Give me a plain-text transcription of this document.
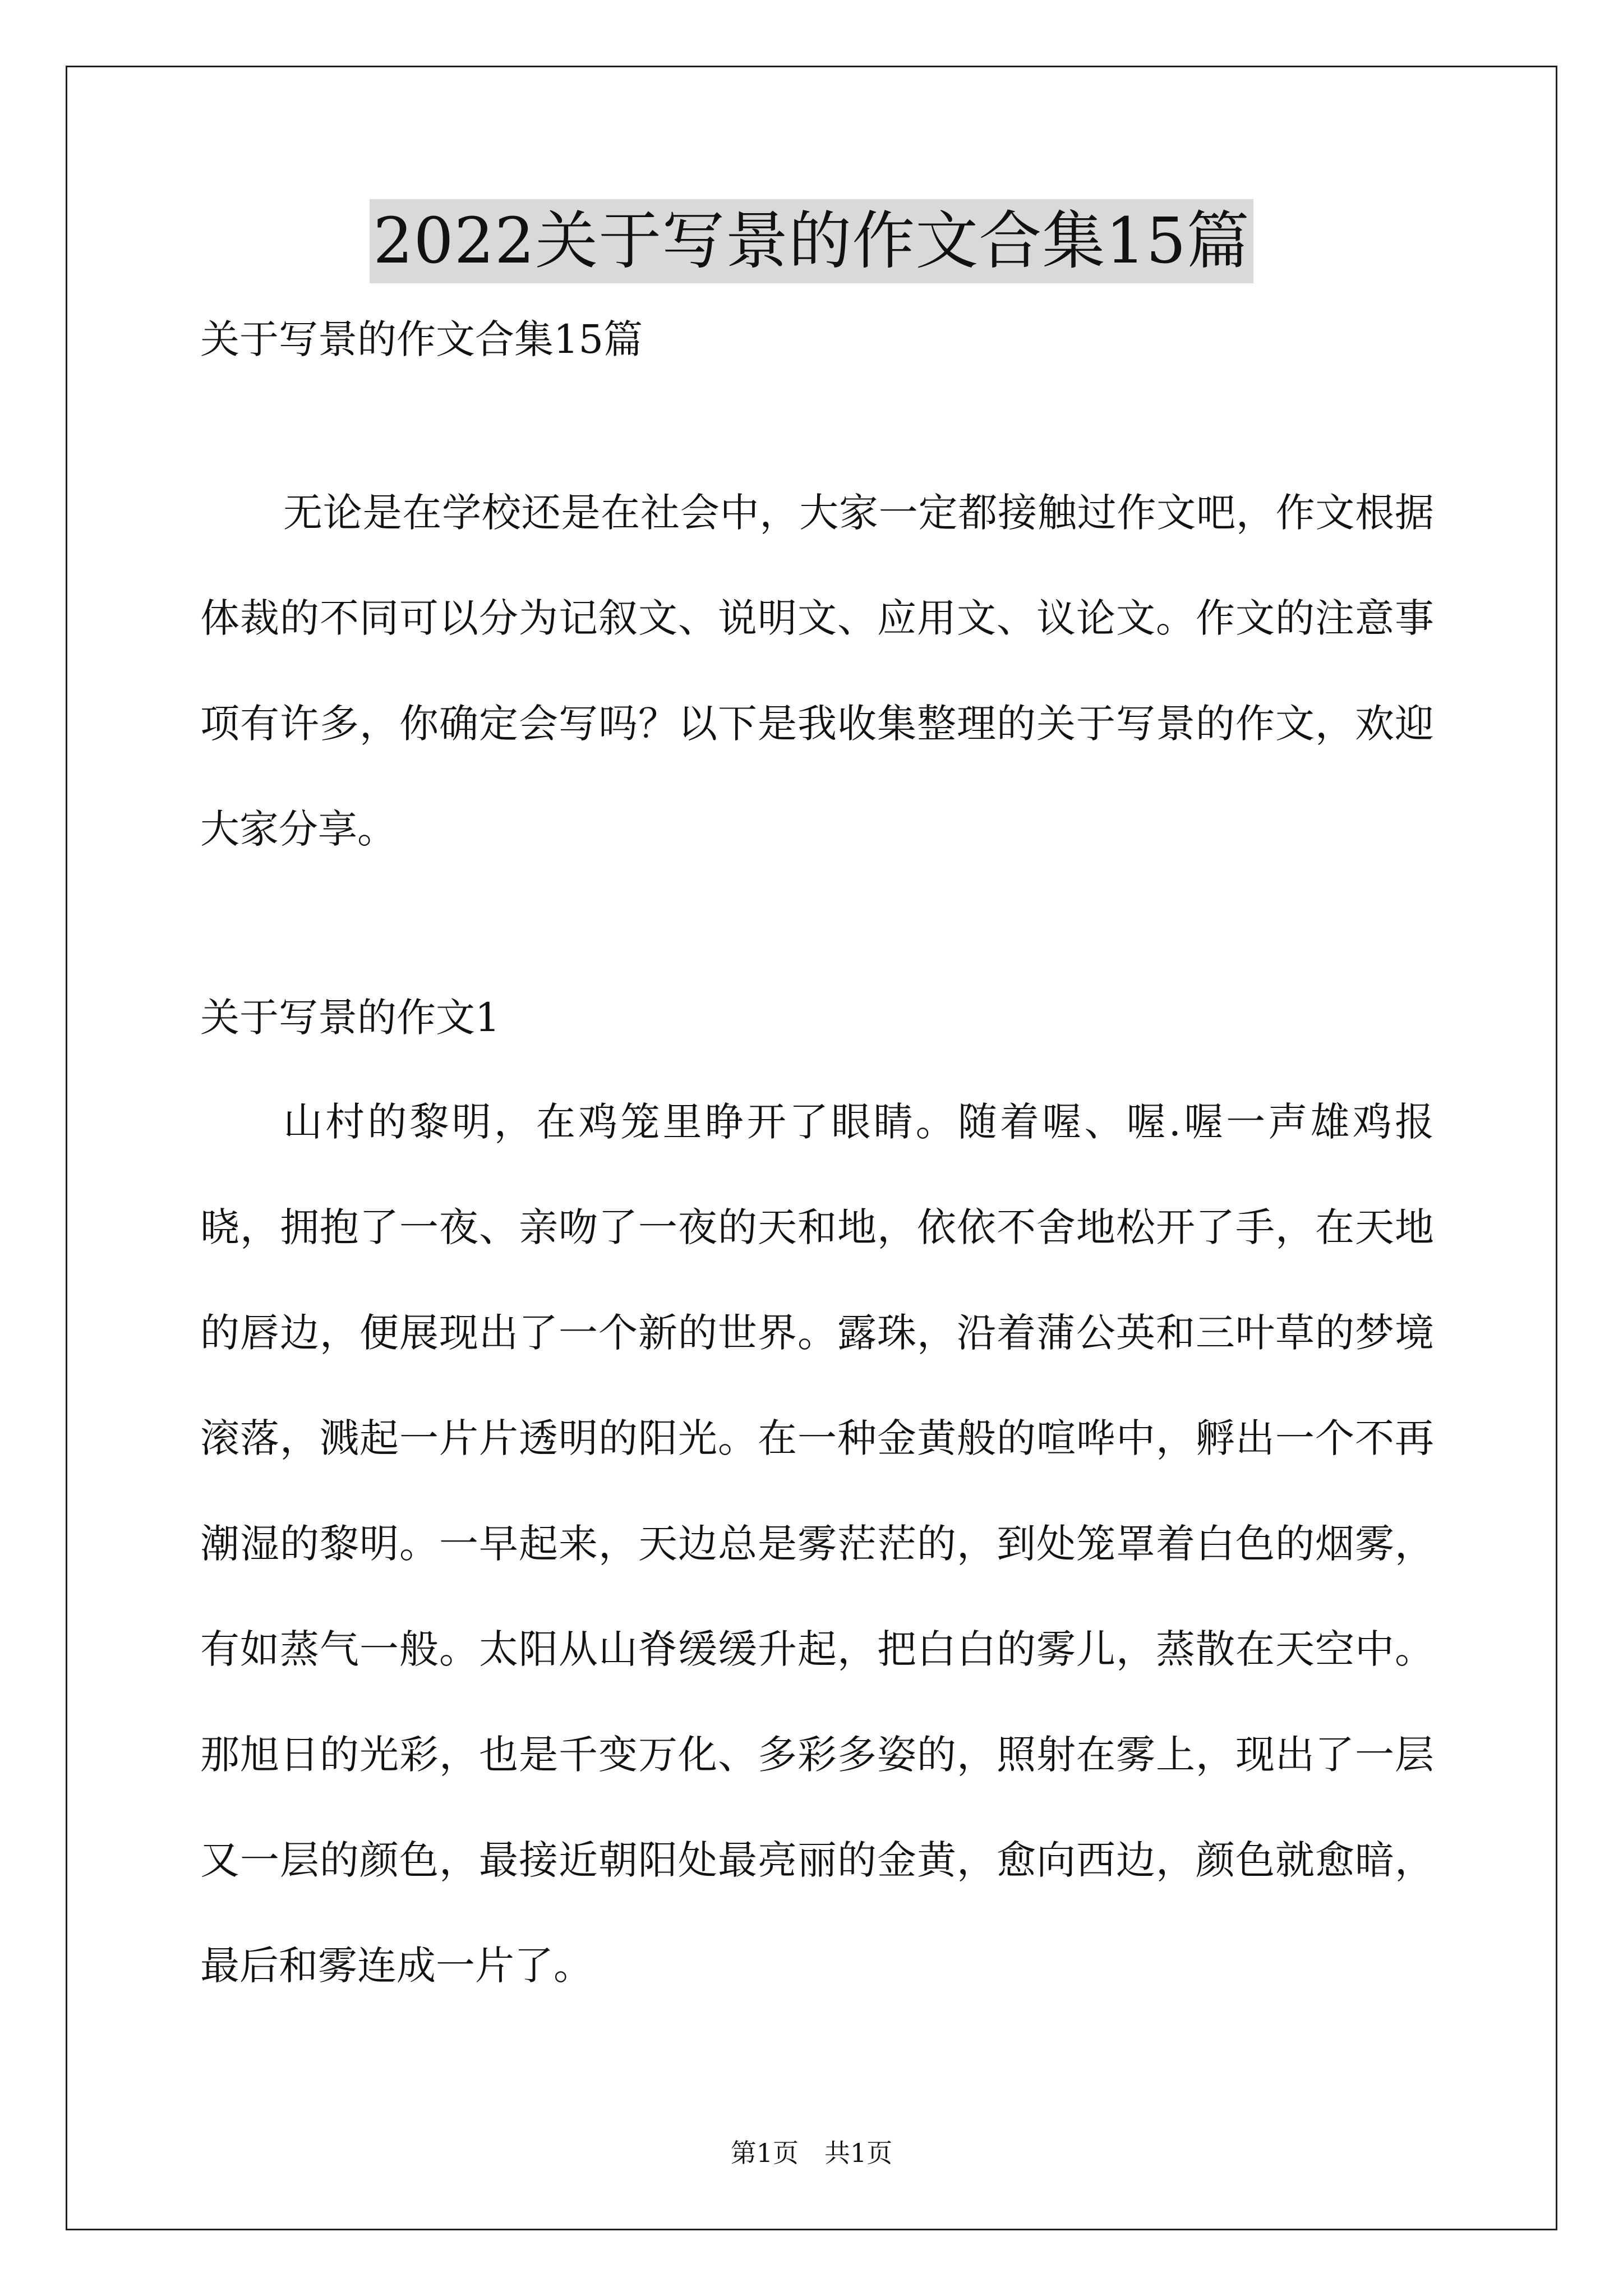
2022关于写景的作文合集15篇
关于写景的作文合集15篇

无论是在学校还是在社会中，大家一定都接触过作文吧，作文根据体裁的不同可以分为记叙文、说明文、应用文、议论文。作文的注意事项有许多，你确定会写吗？以下是我收集整理的关于写景的作文，欢迎大家分享。

关于写景的作文1

山村的黎明，在鸡笼里睁开了眼睛。随着喔、喔.喔一声雄鸡报晓，拥抱了一夜、亲吻了一夜的天和地，依依不舍地松开了手，在天地的唇边，便展现出了一个新的世界。露珠，沿着蒲公英和三叶草的梦境滚落，溅起一片片透明的阳光。在一种金黄般的喧哗中，孵出一个不再潮湿的黎明。一早起来，天边总是雾茫茫的，到处笼罩着白色的烟雾，有如蒸气一般。太阳从山脊缓缓升起，把白白的雾儿，蒸散在天空中。那旭日的光彩，也是千变万化、多彩多姿的，照射在雾上，现出了一层又一层的颜色，最接近朝阳处最亮丽的金黄，愈向西边，颜色就愈暗，最后和雾连成一片了。

第1页　共1页
